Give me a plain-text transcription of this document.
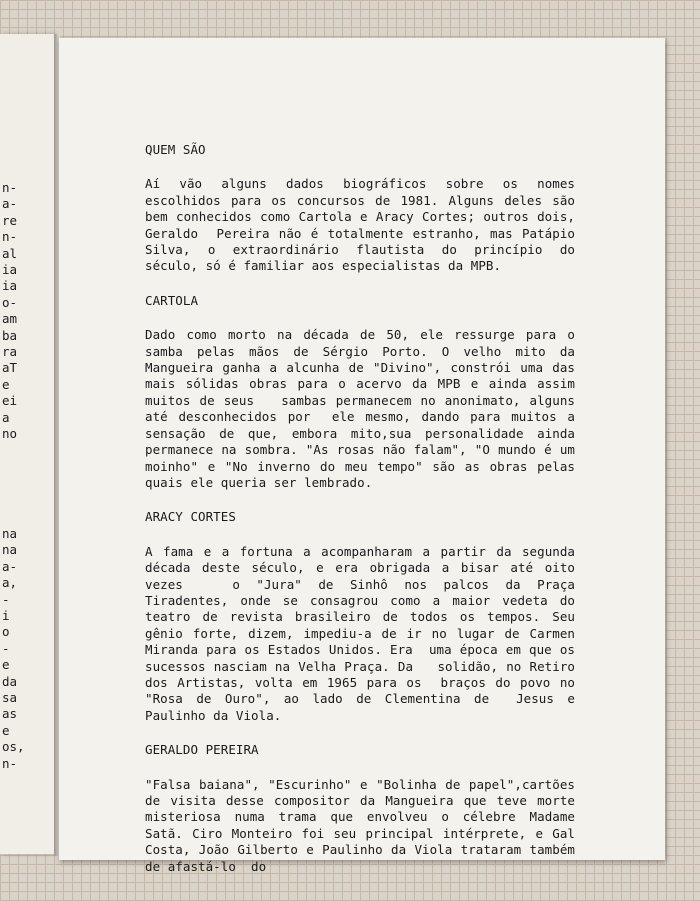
n-
a-
re
n-
al
ia
ia
o-
am
ba
ra
aT
e
ei
a
no

na
na
a-
a,
-
i
o
-
e
da
sa
as
e
os,
n-
QUEM SÃO

Aí vão alguns dados biográficos sobre os nomes   escolhidos para os concursos de 1981. Alguns deles são bem conhecidos como Cartola e Aracy Cortes; outros dois, Geraldo  Pereira não é totalmente estranho, mas Patápio Silva, o extraordinário flautista do princípio do século, só é familiar aos especialistas da MPB.

CARTOLA

Dado como morto na década de 50, ele ressurge para o samba pelas mãos de Sérgio Porto. O velho mito da Mangueira ganha a alcunha de "Divino", constrói uma das mais sólidas obras para o acervo da MPB e ainda assim muitos de seus   sambas permanecem no anonimato, alguns até desconhecidos por  ele mesmo, dando para muitos a sensação de que, embora mito,sua personalidade ainda permanece na sombra. "As rosas não falam", "O mundo é um moinho" e "No inverno do meu tempo" são as obras pelas quais ele queria ser lembrado.

ARACY CORTES

A fama e a fortuna a acompanharam a partir da segunda década deste século, e era obrigada a bisar até oito vezes   o "Jura" de Sinhô nos palcos da Praça Tiradentes, onde se consagrou como a maior vedeta do teatro de revista brasileiro de todos os tempos. Seu gênio forte, dizem, impediu-a de ir no lugar de Carmen Miranda para os Estados Unidos. Era  uma época em que os sucessos nasciam na Velha Praça. Da   solidão, no Retiro dos Artistas, volta em 1965 para os  braços do povo no "Rosa de Ouro", ao lado de Clementina de  Jesus e Paulinho da Viola.

GERALDO PEREIRA

"Falsa baiana", "Escurinho" e "Bolinha de papel",cartões de visita desse compositor da Mangueira que teve morte misteriosa numa trama que envolveu o célebre Madame Satã. Ciro Monteiro foi seu principal intérprete, e Gal Costa, João Gilberto e Paulinho da Viola trataram também de afastá-lo  do
